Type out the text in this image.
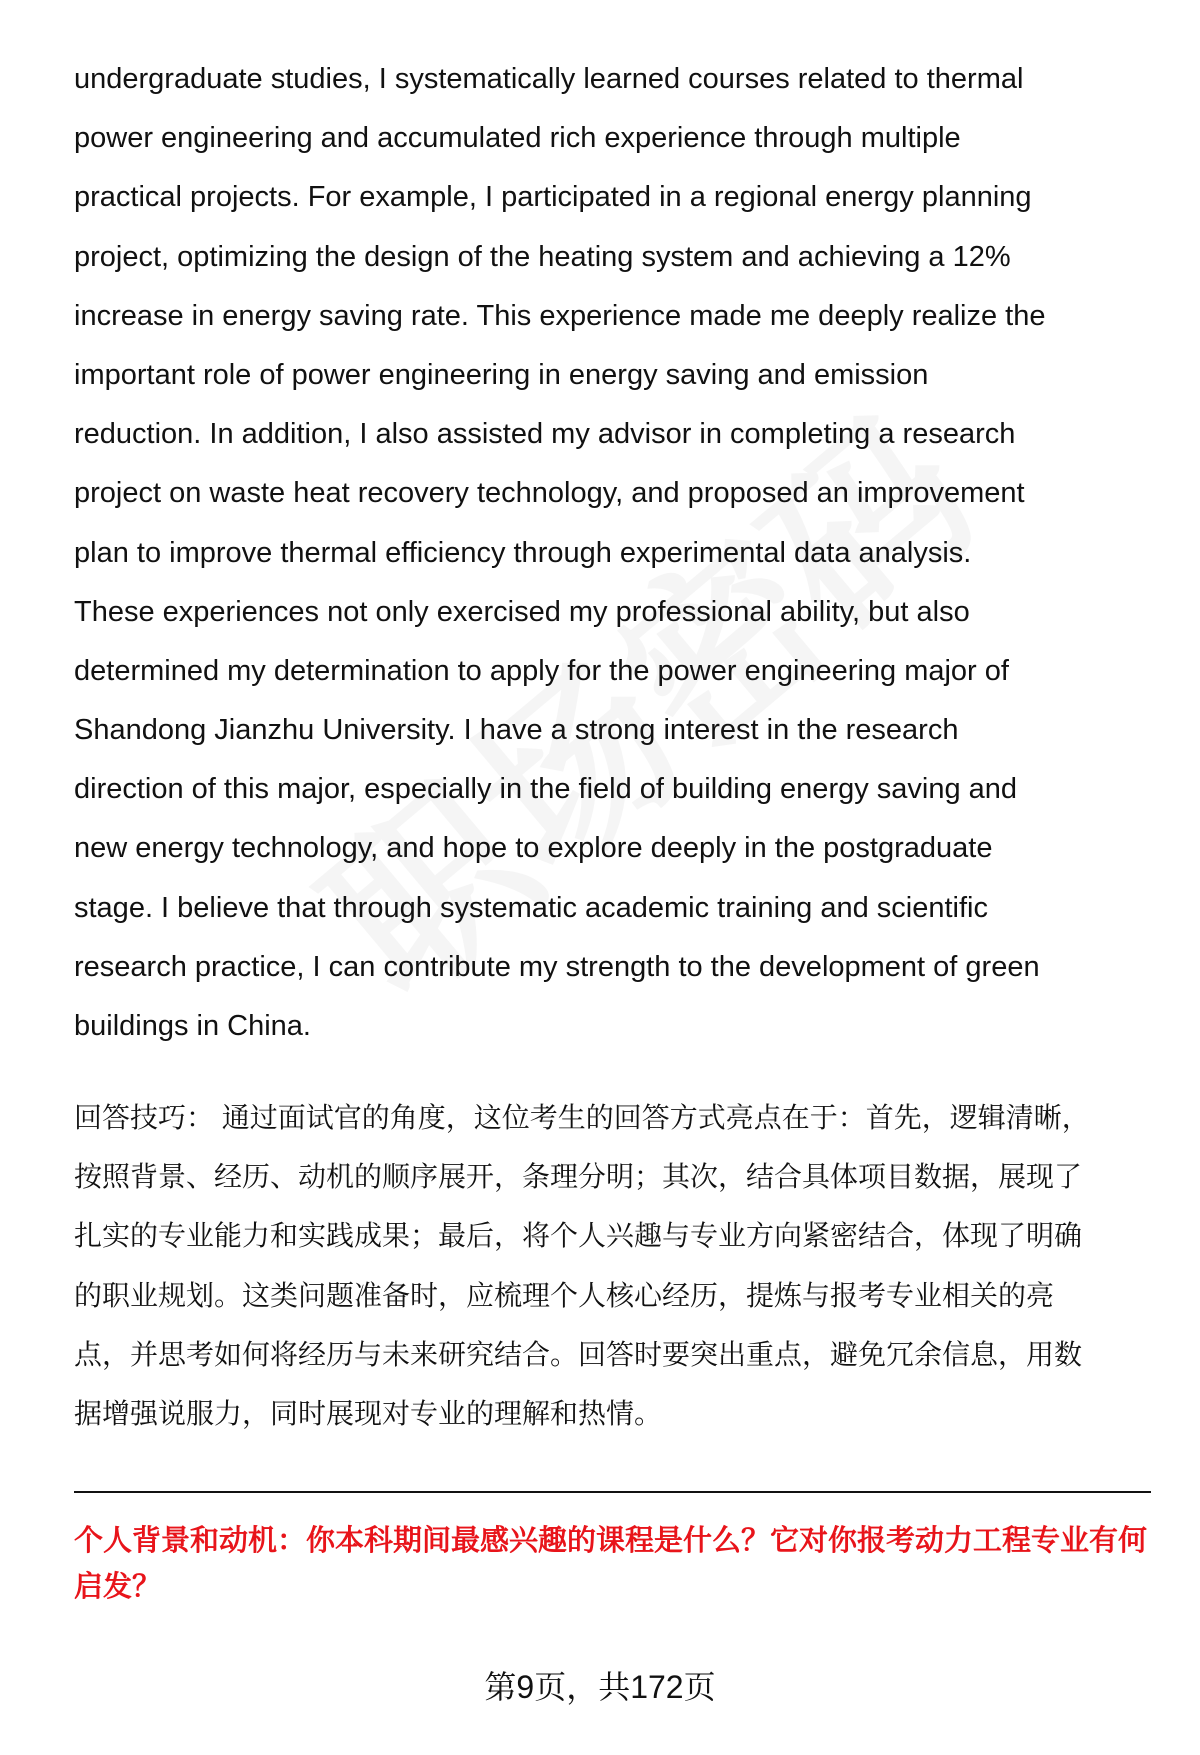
undergraduate studies, I systematically learned courses related to thermal
power engineering and accumulated rich experience through multiple
practical projects. For example, I participated in a regional energy planning
project, optimizing the design of the heating system and achieving a 12%
increase in energy saving rate. This experience made me deeply realize the
important role of power engineering in energy saving and emission
reduction. In addition, I also assisted my advisor in completing a research
project on waste heat recovery technology, and proposed an improvement
plan to improve thermal efficiency through experimental data analysis.
These experiences not only exercised my professional ability, but also
determined my determination to apply for the power engineering major of
Shandong Jianzhu University. I have a strong interest in the research
direction of this major, especially in the field of building energy saving and
new energy technology, and hope to explore deeply in the postgraduate
stage. I believe that through systematic academic training and scientific
research practice, I can contribute my strength to the development of green
buildings in China.
回答技巧： 通过面试官的角度，这位考生的回答方式亮点在于：首先，逻辑清晰，
按照背景、经历、动机的顺序展开，条理分明；其次，结合具体项目数据，展现了
扎实的专业能力和实践成果；最后，将个人兴趣与专业方向紧密结合，体现了明确
的职业规划。这类问题准备时，应梳理个人核心经历，提炼与报考专业相关的亮
点，并思考如何将经历与未来研究结合。回答时要突出重点，避免冗余信息，用数
据增强说服力，同时展现对专业的理解和热情。
个人背景和动机：你本科期间最感兴趣的课程是什么？它对你报考动力工程专业有何启发？
第9页，共172页
